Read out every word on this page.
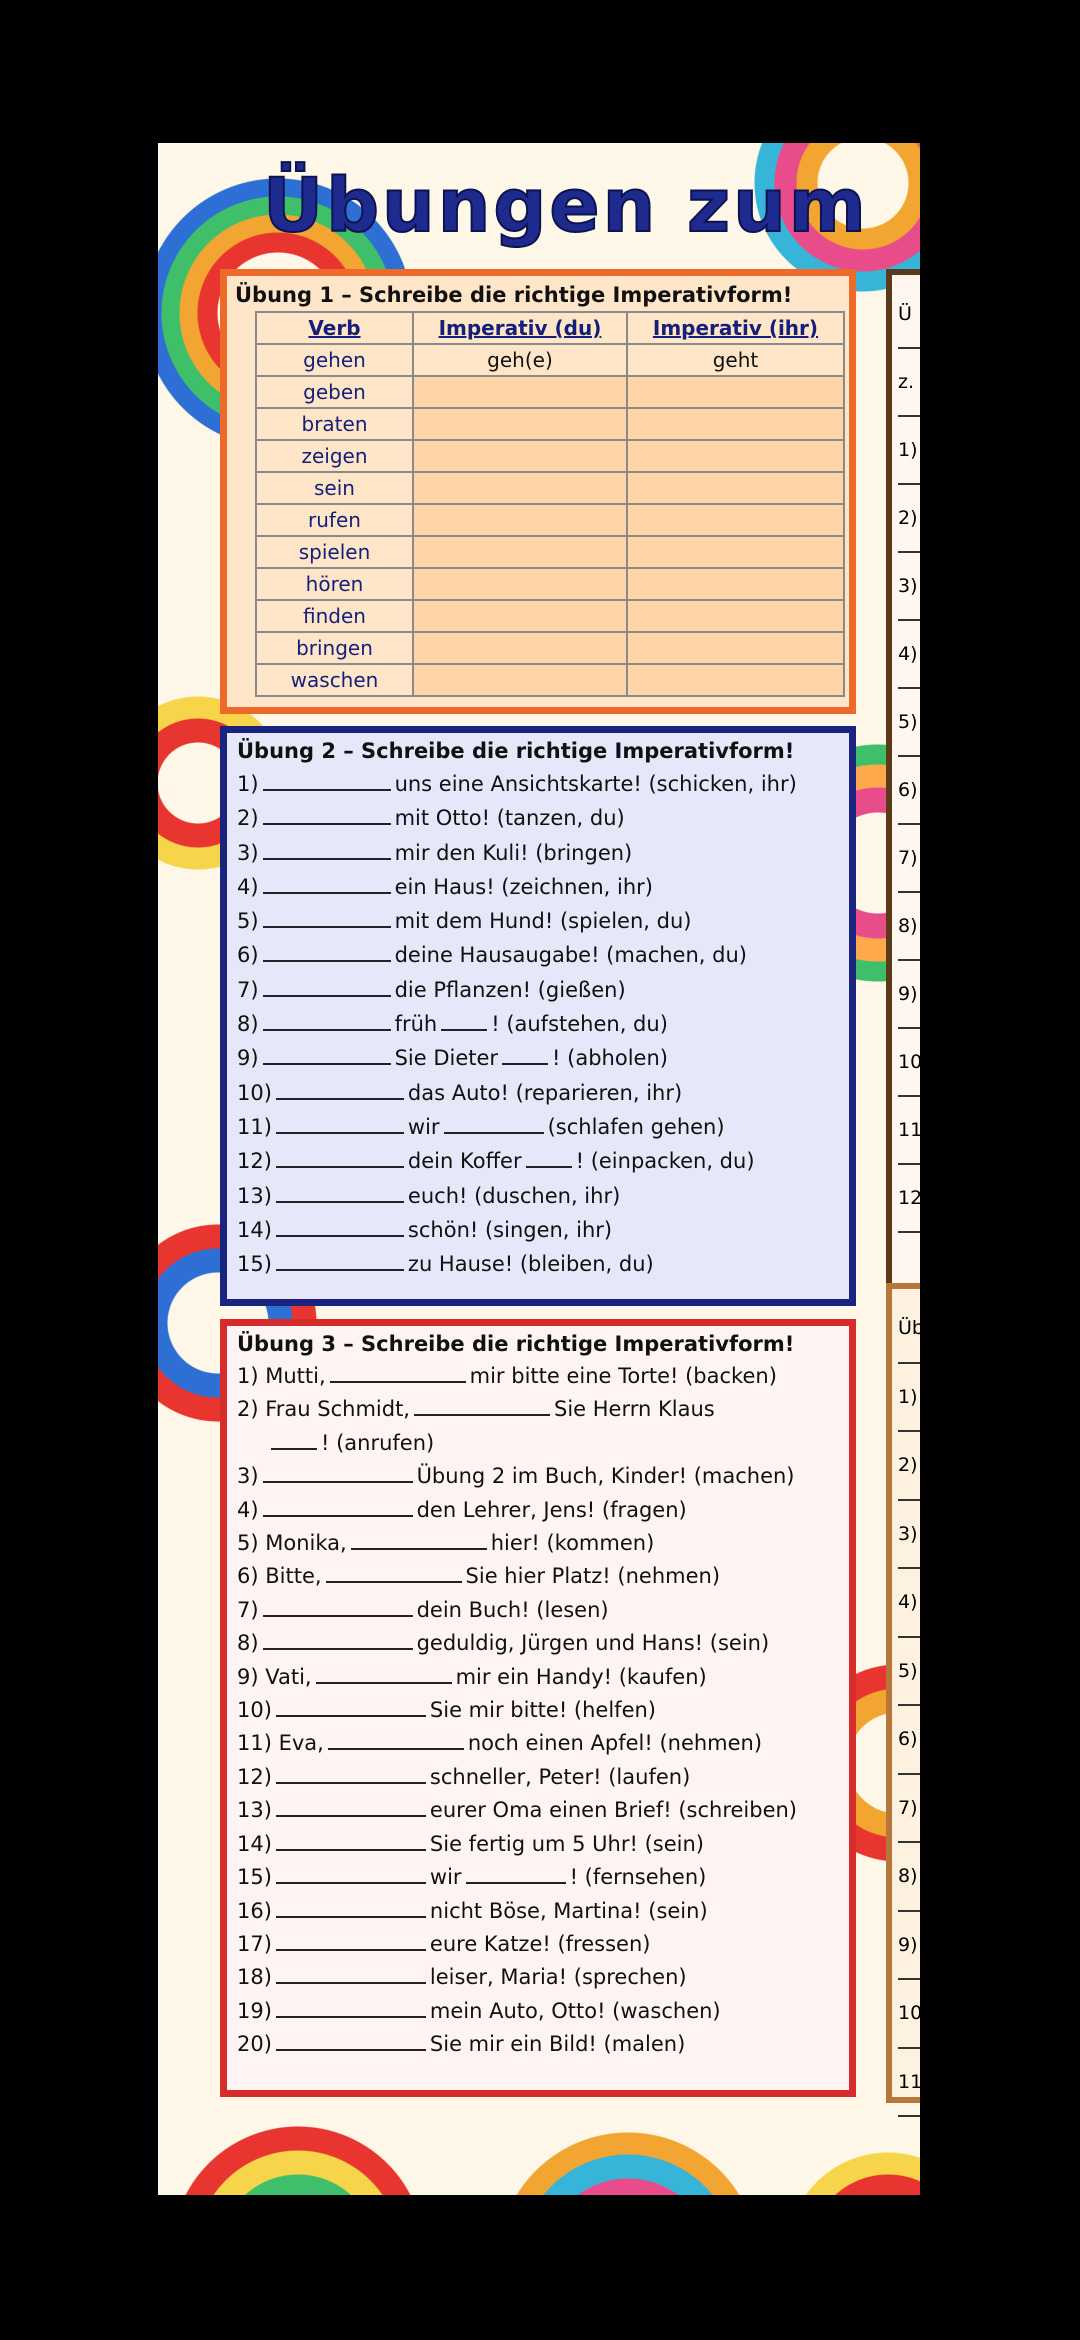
Übungen zum
Übung 1 – Schreibe die richtige Imperativform!
Verb	Imperativ (du)	Imperativ (ihr)
gehen	geh(e)	geht
geben		
braten		
zeigen		
sein		
rufen		
spielen		
hören		
finden		
bringen		
waschen		
Übung 2 – Schreibe die richtige Imperativform!
1)	uns eine Ansichtskarte! (schicken, ihr)
2)	mit Otto! (tanzen, du)
3)	mir den Kuli! (bringen)
4)	ein Haus! (zeichnen, ihr)
5)	mit dem Hund! (spielen, du)
6)	deine Hausaugabe! (machen, du)
7)	die Pflanzen! (gießen)
8)	früh	! (aufstehen, du)
9)	Sie Dieter	! (abholen)
10)	das Auto! (reparieren, ihr)
11)	wir	(schlafen gehen)
12)	dein Koffer	! (einpacken, du)
13)	euch! (duschen, ihr)
14)	schön! (singen, ihr)
15)	zu Hause! (bleiben, du)
Übung 3 – Schreibe die richtige Imperativform!
1) Mutti,	mir bitte eine Torte! (backen)
2) Frau Schmidt,	Sie Herrn Klaus
! (anrufen)
3)	Übung 2 im Buch, Kinder! (machen)
4)	den Lehrer, Jens! (fragen)
5) Monika,	hier! (kommen)
6) Bitte,	Sie hier Platz! (nehmen)
7)	dein Buch! (lesen)
8)	geduldig, Jürgen und Hans! (sein)
9) Vati,	mir ein Handy! (kaufen)
10)	Sie mir bitte! (helfen)
11) Eva,	noch einen Apfel! (nehmen)
12)	schneller, Peter! (laufen)
13)	eurer Oma einen Brief! (schreiben)
14)	Sie fertig um 5 Uhr! (sein)
15)	wir	! (fernsehen)
16)	nicht Böse, Martina! (sein)
17)	eure Katze! (fressen)
18)	leiser, Maria! (sprechen)
19)	mein Auto, Otto! (waschen)
20)	Sie mir ein Bild! (malen)
Ü
z.
1)
2)
3) fr
4)
5)
6)
7)
8)
9)
10
11
12
Üb
1)
2)
3)
4)
5)
6)
7)
8)
9)
10
11)
